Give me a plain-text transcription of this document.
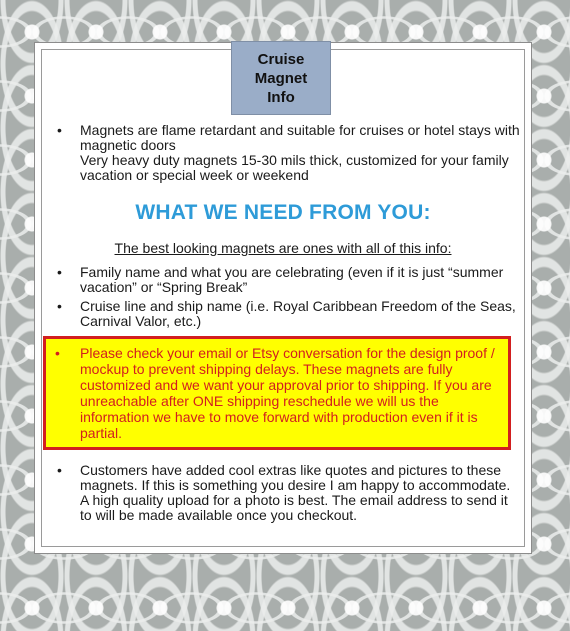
Cruise
Magnet
Info
• Magnets are flame retardant and suitable for cruises or hotel stays with magnetic doors
Very heavy duty magnets 15-30 mils thick, customized for your family vacation or special week or weekend
WHAT WE NEED FROM YOU:
The best looking magnets are ones with all of this info:
• Family name and what you are celebrating (even if it is just “summer vacation” or “Spring Break”
• Cruise line and ship name (i.e. Royal Caribbean Freedom of the Seas, Carnival Valor, etc.)
• Please check your email or Etsy conversation for the design proof / mockup to prevent shipping delays. These magnets are fully customized and we want your approval prior to shipping. If you are unreachable after ONE shipping reschedule we will us the information we have to move forward with production even if it is partial.
• Customers have added cool extras like quotes and pictures to these magnets. If this is something you desire I am happy to accommodate. A high quality upload for a photo is best. The email address to send it to will be made available once you checkout.
